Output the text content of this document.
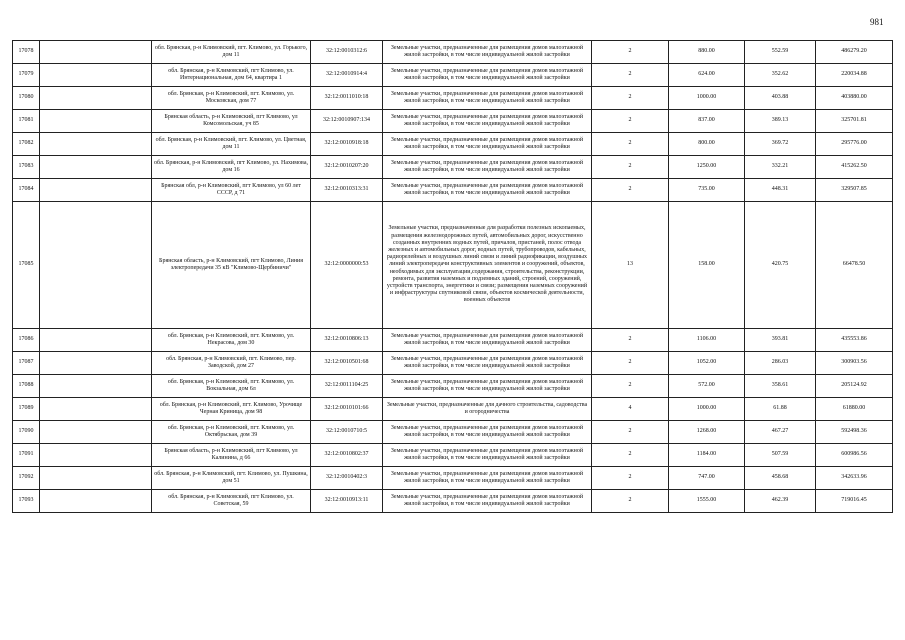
981
17078		обл. Брянская, р-н Климовский, пгт. Климово, ул. Горького, дом 11	32:12:0010312:6	Земельные участки, предназначенные для размещения домов малоэтажной жилой застройки, в том числе индивидуальной жилой застройки	2	880.00	552.59	486279.20
17079		обл. Брянская, р-н Климовский, пгт Климово, ул. Интернациональная, дом 64, квартира 1	32:12:0010914:4	Земельные участки, предназначенные для размещения домов малоэтажной жилой застройки, в том числе индивидуальной жилой застройки	2	624.00	352.62	220034.88
17080		обл. Брянская, р-н Климовский, пгт. Климово, ул. Московская, дом 77	32:12:0011010:18	Земельные участки, предназначенные для размещения домов малоэтажной жилой застройки, в том числе индивидуальной жилой застройки	2	1000.00	403.88	403880.00
17081		Брянская область, р-н Климовский, пгт Климово, ул Комсомольская, уч 85	32:12:0010907:134	Земельные участки, предназначенные для размещения домов малоэтажной жилой застройки, в том числе индивидуальной жилой застройки	2	837.00	389.13	325701.81
17082		обл. Брянская, р-н Климовский, пгт. Климово, ул. Цветная, дом 11	32:12:0010918:18	Земельные участки, предназначенные для размещения домов малоэтажной жилой застройки, в том числе индивидуальной жилой застройки	2	800.00	369.72	295776.00
17083		обл. Брянская, р-н Климовский, пгт Климово, ул. Нахимова, дом 16	32:12:0010207:20	Земельные участки, предназначенные для размещения домов малоэтажной жилой застройки, в том числе индивидуальной жилой застройки	2	1250.00	332.21	415262.50
17084		Брянская обл, р-н Климовский, пгт Климово, ул 60 лет СССР, д 71	32:12:0010313:31	Земельные участки, предназначенные для размещения домов малоэтажной жилой застройки, в том числе индивидуальной жилой застройки	2	735.00	448.31	329507.85
17085		Брянская область, р-н Климовский, пгт Климово, Линия электропередачи 35 кВ "Климово-Щербиничи"	32:12:0000000:53	Земельные участки, предназначенные для разработки полезных ископаемых, размещения железнодорожных путей, автомобильных дорог, искусственно созданных внутренних водных путей, причалов, пристаней, полос отвода железных и автомобильных дорог, водных путей, трубопроводов, кабельных, радиорелейных и воздушных линий связи и линий радиофикации, воздушных линий электропередачи конструктивных элементов и сооружений, объектов, необходимых для эксплуатации,содержания, строительства, реконструкции, ремонта, развития наземных и подземных зданий, строений, сооружений, устройств транспорта, энергетики и связи; размещения наземных сооружений и инфраструктуры спутниковой связи, объектов космической деятельности, военных объектов	13	158.00	420.75	66478.50
17086		обл. Брянская, р-н Климовский, пгт. Климово, ул. Некрасова, дом 30	32:12:0010806:13	Земельные участки, предназначенные для размещения домов малоэтажной жилой застройки, в том числе индивидуальной жилой застройки	2	1106.00	393.81	435553.86
17087		обл. Брянская, р-н Климовский, пгт. Климово, пер. Заводской, дом 27	32:12:0010501:68	Земельные участки, предназначенные для размещения домов малоэтажной жилой застройки, в том числе индивидуальной жилой застройки	2	1052.00	286.03	300903.56
17088		обл. Брянская, р-н Климовский, пгт. Климово, ул. Вокзальная, дом 6л	32:12:0011104:25	Земельные участки, предназначенные для размещения домов малоэтажной жилой застройки, в том числе индивидуальной жилой застройки	2	572.00	358.61	205124.92
17089		обл. Брянская, р-н Климовский, пгт. Климово, Урочище Черная Криница, дом 98	32:12:0010101:66	Земельные участки, предназначенные для дачного строительства, садоводства и огородничества	4	1000.00	61.88	61880.00
17090		обл. Брянская, р-н Климовский, пгт. Климово, ул. Октябрьская, дом 39	32:12:0010710:5	Земельные участки, предназначенные для размещения домов малоэтажной жилой застройки, в том числе индивидуальной жилой застройки	2	1268.00	467.27	592498.36
17091		Брянская область, р-н Климовский, пгт Климово, ул Калинина, д 66	32:12:0010802:37	Земельные участки, предназначенные для размещения домов малоэтажной жилой застройки, в том числе индивидуальной жилой застройки	2	1184.00	507.59	600986.56
17092		обл. Брянская, р-н Климовский, пгт. Климово, ул. Пушкина, дом 51	32:12:0010402:3	Земельные участки, предназначенные для размещения домов малоэтажной жилой застройки, в том числе индивидуальной жилой застройки	2	747.00	458.68	342633.96
17093		обл. Брянская, р-н Климовский, пгт Климово, ул. Советская, 59	32:12:0010913:11	Земельные участки, предназначенные для размещения домов малоэтажной жилой застройки, в том числе индивидуальной жилой застройки	2	1555.00	462.39	719016.45
